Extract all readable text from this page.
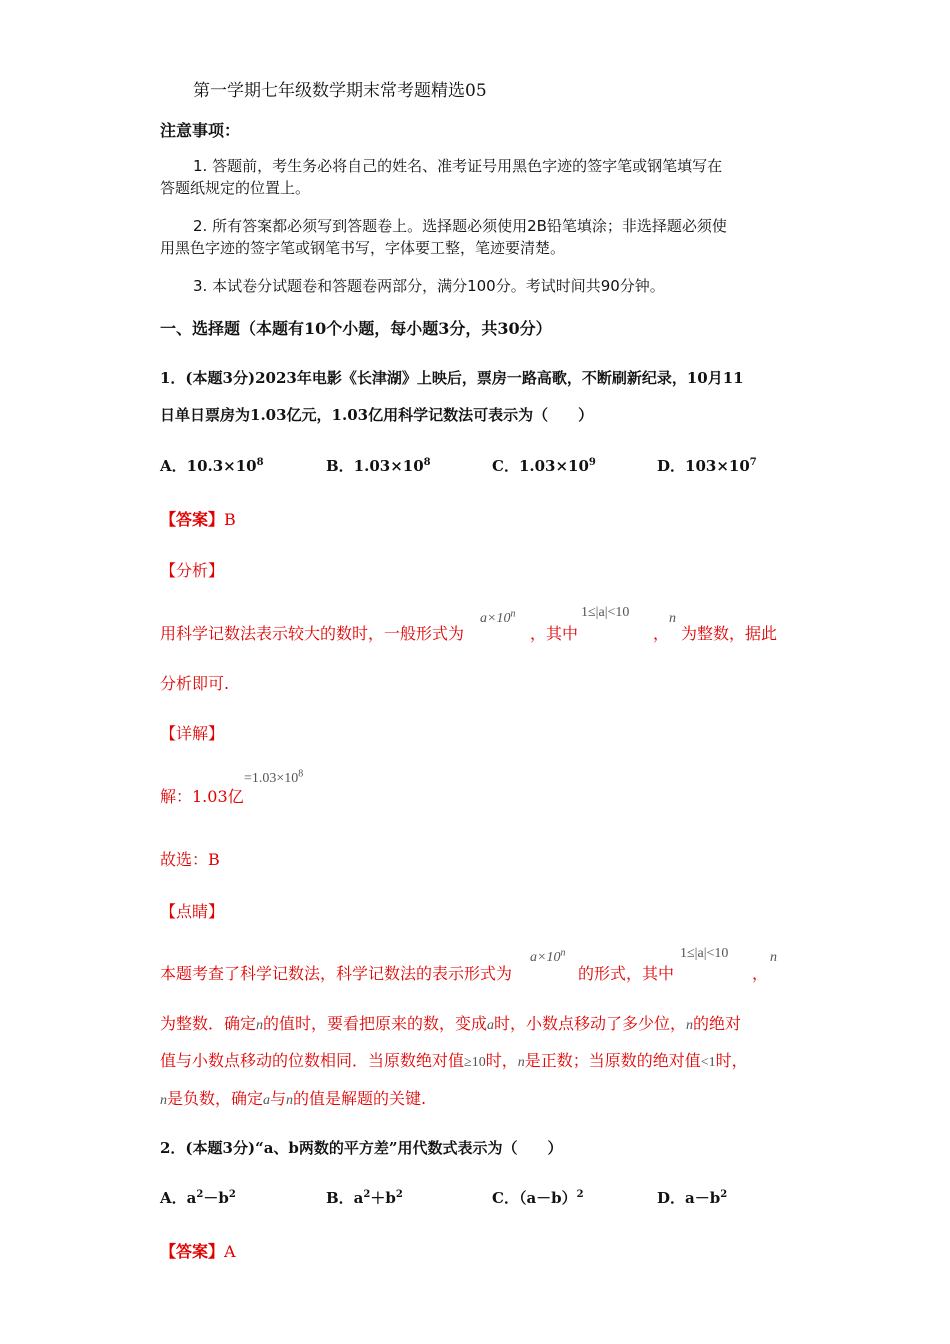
第一学期七年级数学期末常考题精选05
注意事项：
1. 答题前，考生务必将自己的姓名、准考证号用黑色字迹的签字笔或钢笔填写在
答题纸规定的位置上。
2. 所有答案都必须写到答题卷上。选择题必须使用2B铅笔填涂；非选择题必须使
用黑色字迹的签字笔或钢笔书写，字体要工整，笔迹要清楚。
3. 本试卷分试题卷和答题卷两部分，满分100分。考试时间共90分钟。
一、选择题（本题有10个小题，每小题3分，共30分）
1．(本题3分)2023年电影《长津湖》上映后，票房一路高歌，不断刷新纪录，10月11
日单日票房为1.03亿元，1.03亿用科学记数法可表示为（　　）
A．$10.3\times 10^8$	B．$1.03\times 10^8$	C．$1.03\times 10^9$	D．$103\times 10^7$
【答案】B
【分析】
用科学记数法表示较大的数时，一般形式为
$a\times 10^n$
，其中
1≤|a|<10
，
n
为整数，据此
分析即可.
【详解】
解：1.03亿
$=1.03\times 10^8$
故选：B
【点睛】
本题考查了科学记数法，科学记数法的表示形式为
$a\times 10^n$
的形式，其中
1≤|a|<10
，
n
为整数．确定n的值时，要看把原来的数，变成a时，小数点移动了多少位，n的绝对
值与小数点移动的位数相同．当原数绝对值≥10时，n是正数；当原数的绝对值<1时，
n是负数，确定a与n的值是解题的关键.
2．(本题3分)“a、b两数的平方差”用代数式表示为（　　）
A．$a^2-b^2$	B．$a^2+b^2$	C．$(a-b)^2$	D．$a-b^2$
【答案】A
